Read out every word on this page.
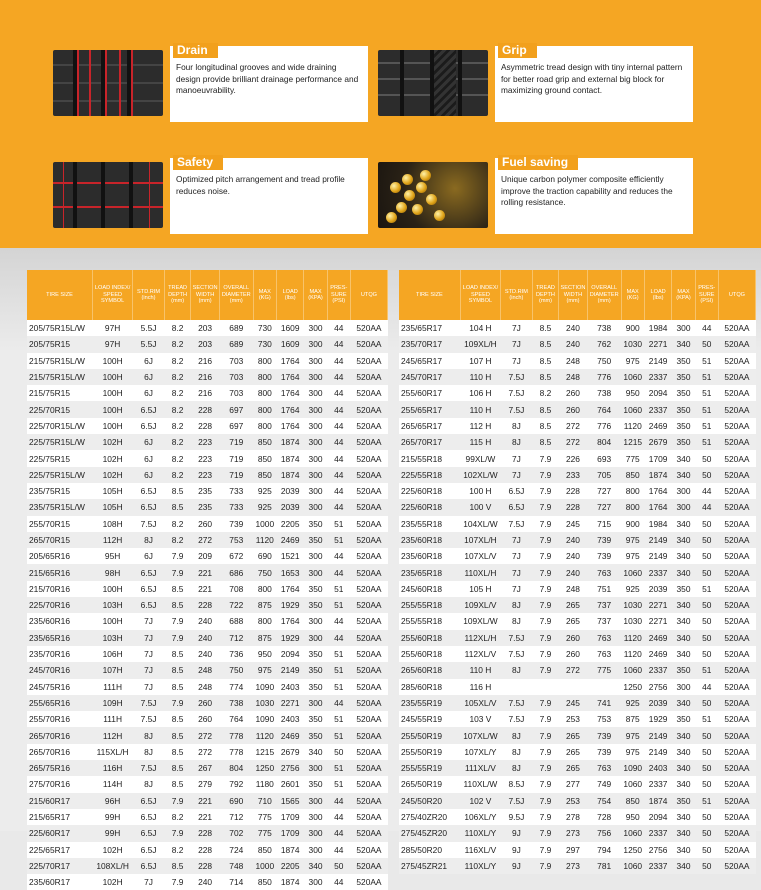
Drain
Four longitudinal grooves and wide draining design provide brilliant drainage performance and manoeuvrability.
Grip
Asymmetric tread design with tiny internal pattern for better road grip and external big block for maximizing ground contact.
Safety
Optimized pitch arrangement and tread profile reduces noise.
Fuel saving
Unique carbon polymer composite efficiently improve the traction capability and reduces the rolling resistance.
TIRE SIZE	LOAD INDEX/ SPEED SYMBOL	STD.RIM (inch)	TREAD DEPTH (mm)	SECTION WIDTH (mm)	OVERALL DIAMETER (mm)	MAX (KG)	LOAD (lbs)	MAX (KPA)	PRES- SURE (PSI)	UTQG
205/75R15L/W	97H	5.5J	8.2	203	689	730	1609	300	44	520AA
205/75R15	97H	5.5J	8.2	203	689	730	1609	300	44	520AA
215/75R15L/W	100H	6J	8.2	216	703	800	1764	300	44	520AA
215/75R15L/W	100H	6J	8.2	216	703	800	1764	300	44	520AA
215/75R15	100H	6J	8.2	216	703	800	1764	300	44	520AA
225/70R15	100H	6.5J	8.2	228	697	800	1764	300	44	520AA
225/70R15L/W	100H	6.5J	8.2	228	697	800	1764	300	44	520AA
225/75R15L/W	102H	6J	8.2	223	719	850	1874	300	44	520AA
225/75R15	102H	6J	8.2	223	719	850	1874	300	44	520AA
225/75R15L/W	102H	6J	8.2	223	719	850	1874	300	44	520AA
235/75R15	105H	6.5J	8.5	235	733	925	2039	300	44	520AA
235/75R15L/W	105H	6.5J	8.5	235	733	925	2039	300	44	520AA
255/70R15	108H	7.5J	8.2	260	739	1000	2205	350	51	520AA
265/70R15	112H	8J	8.2	272	753	1120	2469	350	51	520AA
205/65R16	95H	6J	7.9	209	672	690	1521	300	44	520AA
215/65R16	98H	6.5J	7.9	221	686	750	1653	300	44	520AA
215/70R16	100H	6.5J	8.5	221	708	800	1764	350	51	520AA
225/70R16	103H	6.5J	8.5	228	722	875	1929	350	51	520AA
235/60R16	100H	7J	7.9	240	688	800	1764	300	44	520AA
235/65R16	103H	7J	7.9	240	712	875	1929	300	44	520AA
235/70R16	106H	7J	8.5	240	736	950	2094	350	51	520AA
245/70R16	107H	7J	8.5	248	750	975	2149	350	51	520AA
245/75R16	111H	7J	8.5	248	774	1090	2403	350	51	520AA
255/65R16	109H	7.5J	7.9	260	738	1030	2271	300	44	520AA
255/70R16	111H	7.5J	8.5	260	764	1090	2403	350	51	520AA
265/70R16	112H	8J	8.5	272	778	1120	2469	350	51	520AA
265/70R16	115XL/H	8J	8.5	272	778	1215	2679	340	50	520AA
265/75R16	116H	7.5J	8.5	267	804	1250	2756	300	51	520AA
275/70R16	114H	8J	8.5	279	792	1180	2601	350	51	520AA
215/60R17	96H	6.5J	7.9	221	690	710	1565	300	44	520AA
215/65R17	99H	6.5J	8.2	221	712	775	1709	300	44	520AA
225/60R17	99H	6.5J	7.9	228	702	775	1709	300	44	520AA
225/65R17	102H	6.5J	8.2	228	724	850	1874	300	44	520AA
225/70R17	108XL/H	6.5J	8.5	228	748	1000	2205	340	50	520AA
235/60R17	102H	7J	7.9	240	714	850	1874	300	44	520AA
TIRE SIZE	LOAD INDEX/ SPEED SYMBOL	STD.RIM (inch)	TREAD DEPTH (mm)	SECTION WIDTH (mm)	OVERALL DIAMETER (mm)	MAX (KG)	LOAD (lbs)	MAX (KPA)	PRES- SURE (PSI)	UTQG
235/65R17	104 H	7J	8.5	240	738	900	1984	300	44	520AA
235/70R17	109XL/H	7J	8.5	240	762	1030	2271	340	50	520AA
245/65R17	107 H	7J	8.5	248	750	975	2149	350	51	520AA
245/70R17	110 H	7.5J	8.5	248	776	1060	2337	350	51	520AA
255/60R17	106 H	7.5J	8.2	260	738	950	2094	350	51	520AA
255/65R17	110 H	7.5J	8.5	260	764	1060	2337	350	51	520AA
265/65R17	112 H	8J	8.5	272	776	1120	2469	350	51	520AA
265/70R17	115 H	8J	8.5	272	804	1215	2679	350	51	520AA
215/55R18	99XL/W	7J	7.9	226	693	775	1709	340	50	520AA
225/55R18	102XL/W	7J	7.9	233	705	850	1874	340	50	520AA
225/60R18	100 H	6.5J	7.9	228	727	800	1764	300	44	520AA
225/60R18	100 V	6.5J	7.9	228	727	800	1764	300	44	520AA
235/55R18	104XL/W	7.5J	7.9	245	715	900	1984	340	50	520AA
235/60R18	107XL/H	7J	7.9	240	739	975	2149	340	50	520AA
235/60R18	107XL/V	7J	7.9	240	739	975	2149	340	50	520AA
235/65R18	110XL/H	7J	7.9	240	763	1060	2337	340	50	520AA
245/60R18	105 H	7J	7.9	248	751	925	2039	350	51	520AA
255/55R18	109XL/V	8J	7.9	265	737	1030	2271	340	50	520AA
255/55R18	109XL/W	8J	7.9	265	737	1030	2271	340	50	520AA
255/60R18	112XL/H	7.5J	7.9	260	763	1120	2469	340	50	520AA
255/60R18	112XL/V	7.5J	7.9	260	763	1120	2469	340	50	520AA
265/60R18	110 H	8J	7.9	272	775	1060	2337	350	51	520AA
285/60R18	116 H					1250	2756	300	44	520AA
235/55R19	105XL/V	7.5J	7.9	245	741	925	2039	340	50	520AA
245/55R19	103 V	7.5J	7.9	253	753	875	1929	350	51	520AA
255/50R19	107XL/W	8J	7.9	265	739	975	2149	340	50	520AA
255/50R19	107XL/Y	8J	7.9	265	739	975	2149	340	50	520AA
255/55R19	111XL/V	8J	7.9	265	763	1090	2403	340	50	520AA
265/50R19	110XL/W	8.5J	7.9	277	749	1060	2337	340	50	520AA
245/50R20	102 V	7.5J	7.9	253	754	850	1874	350	51	520AA
275/40ZR20	106XL/Y	9.5J	7.9	278	728	950	2094	340	50	520AA
275/45ZR20	110XL/Y	9J	7.9	273	756	1060	2337	340	50	520AA
285/50R20	116XL/V	9J	7.9	297	794	1250	2756	340	50	520AA
275/45ZR21	110XL/Y	9J	7.9	273	781	1060	2337	340	50	520AA
